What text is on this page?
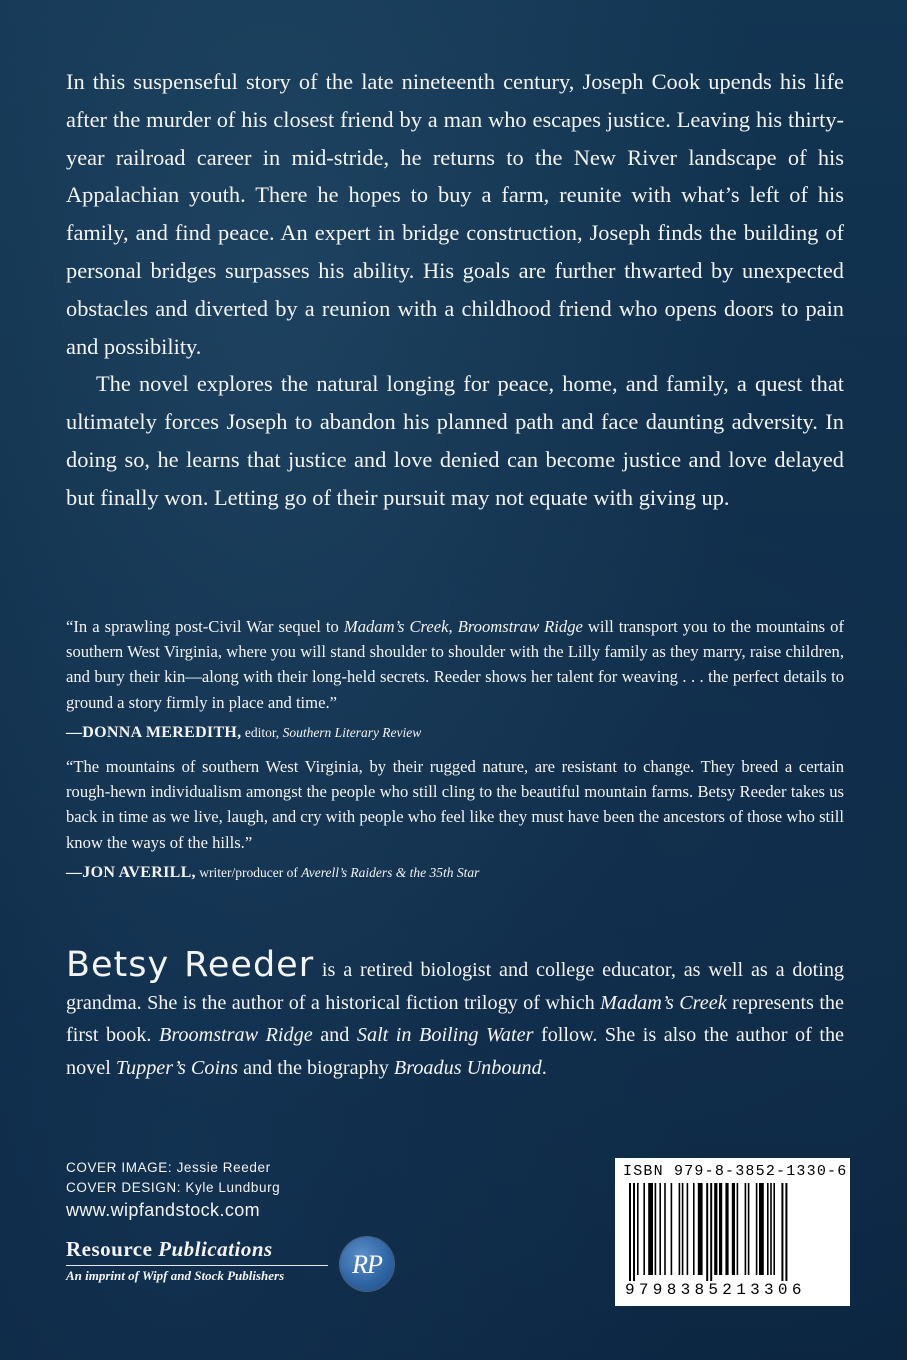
In this suspenseful story of the late nineteenth century, Joseph Cook upends his life after the murder of his closest friend by a man who escapes justice. Leaving his thirty-year railroad career in mid-stride, he returns to the New River landscape of his Appalachian youth. There he hopes to buy a farm, reunite with what’s left of his family, and find peace. An expert in bridge construction, Joseph finds the building of personal bridges surpasses his ability. His goals are further thwarted by unexpected obstacles and diverted by a reunion with a childhood friend who opens doors to pain and possibility.

The novel explores the natural longing for peace, home, and family, a quest that ultimately forces Joseph to abandon his planned path and face daunting adversity. In doing so, he learns that justice and love denied can become justice and love delayed but finally won. Letting go of their pursuit may not equate with giving up.

“In a sprawling post-Civil War sequel to Madam’s Creek, Broomstraw Ridge will transport you to the mountains of southern West Virginia, where you will stand shoulder to shoulder with the Lilly family as they marry, raise children, and bury their kin—along with their long-held secrets. Reeder shows her talent for weaving . . . the perfect details to ground a story firmly in place and time.”

—DONNA MEREDITH, editor, Southern Literary Review

“The mountains of southern West Virginia, by their rugged nature, are resistant to change. They breed a certain rough-hewn individualism amongst the people who still cling to the beautiful mountain farms. Betsy Reeder takes us back in time as we live, laugh, and cry with people who feel like they must have been the ancestors of those who still know the ways of the hills.”

—JON AVERILL, writer/producer of Averell’s Raiders & the 35th Star

Betsy Reeder is a retired biologist and college educator, as well as a doting grandma. She is the author of a historical fiction trilogy of which Madam’s Creek represents the first book. Broomstraw Ridge and Salt in Boiling Water follow. She is also the author of the novel Tupper’s Coins and the biography Broadus Unbound.

COVER IMAGE: Jessie Reeder
COVER DESIGN: Kyle Lundburg
www.wipfandstock.com
Resource Publications
An imprint of Wipf and Stock Publishers	RP
ISBN 979-8-3852-1330-6
9798385213306
